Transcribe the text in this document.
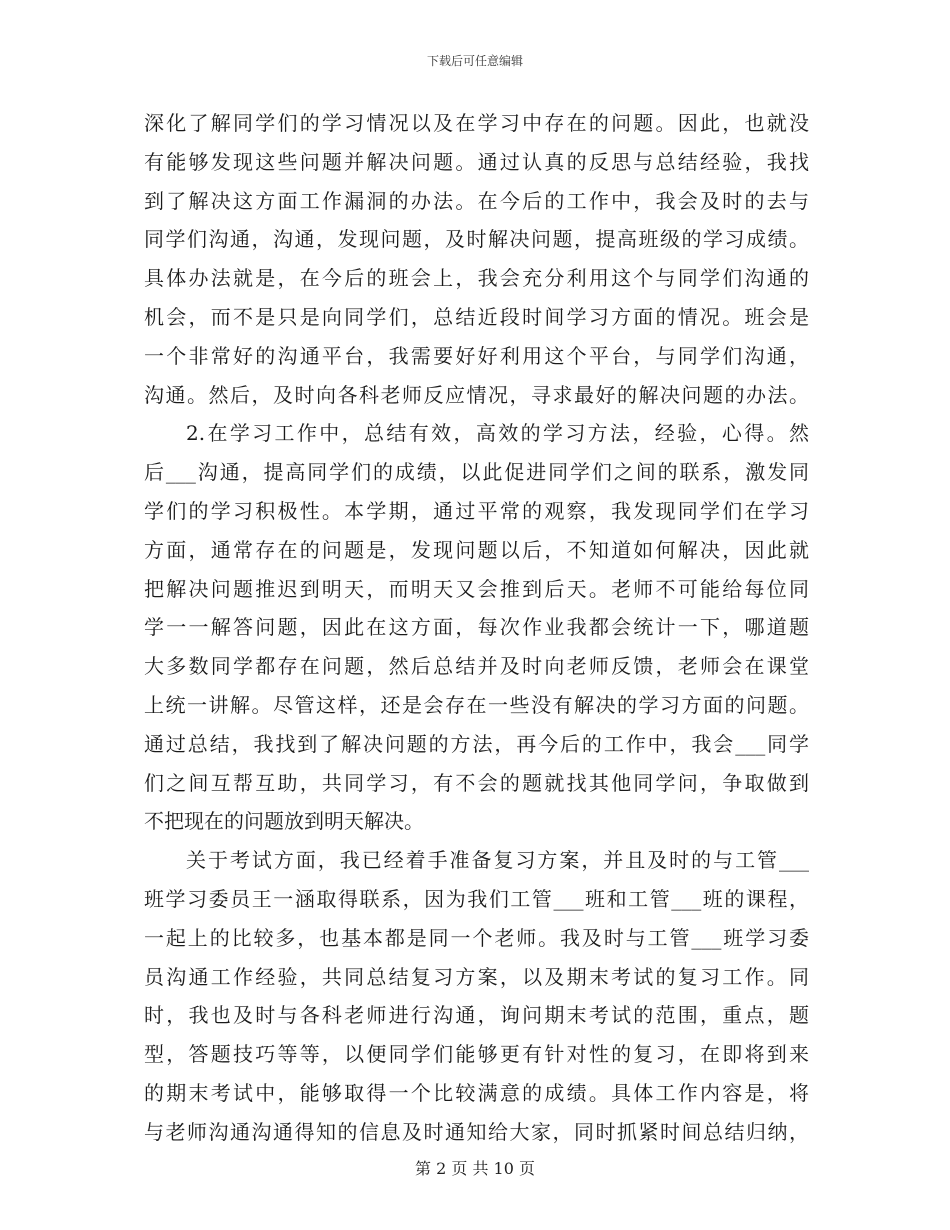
下载后可任意编辑
深化了解同学们的学习情况以及在学习中存在的问题。因此，也就没
有能够发现这些问题并解决问题。通过认真的反思与总结经验，我找
到了解决这方面工作漏洞的办法。在今后的工作中，我会及时的去与
同学们沟通，沟通，发现问题，及时解决问题，提高班级的学习成绩。
具体办法就是，在今后的班会上，我会充分利用这个与同学们沟通的
机会，而不是只是向同学们，总结近段时间学习方面的情况。班会是
一个非常好的沟通平台，我需要好好利用这个平台，与同学们沟通，
沟通。然后，及时向各科老师反应情况，寻求最好的解决问题的办法。
2.在学习工作中，总结有效，高效的学习方法，经验，心得。然
后___沟通，提高同学们的成绩，以此促进同学们之间的联系，激发同
学们的学习积极性。本学期，通过平常的观察，我发现同学们在学习
方面，通常存在的问题是，发现问题以后，不知道如何解决，因此就
把解决问题推迟到明天，而明天又会推到后天。老师不可能给每位同
学一一解答问题，因此在这方面，每次作业我都会统计一下，哪道题
大多数同学都存在问题，然后总结并及时向老师反馈，老师会在课堂
上统一讲解。尽管这样，还是会存在一些没有解决的学习方面的问题。
通过总结，我找到了解决问题的方法，再今后的工作中，我会___同学
们之间互帮互助，共同学习，有不会的题就找其他同学问，争取做到
不把现在的问题放到明天解决。
关于考试方面，我已经着手准备复习方案，并且及时的与工管___
班学习委员王一涵取得联系，因为我们工管___班和工管___班的课程，
一起上的比较多，也基本都是同一个老师。我及时与工管___班学习委
员沟通工作经验，共同总结复习方案，以及期末考试的复习工作。同
时，我也及时与各科老师进行沟通，询问期末考试的范围，重点，题
型，答题技巧等等，以便同学们能够更有针对性的复习，在即将到来
的期末考试中，能够取得一个比较满意的成绩。具体工作内容是，将
与老师沟通沟通得知的信息及时通知给大家，同时抓紧时间总结归纳，
第 2 页 共 10 页
